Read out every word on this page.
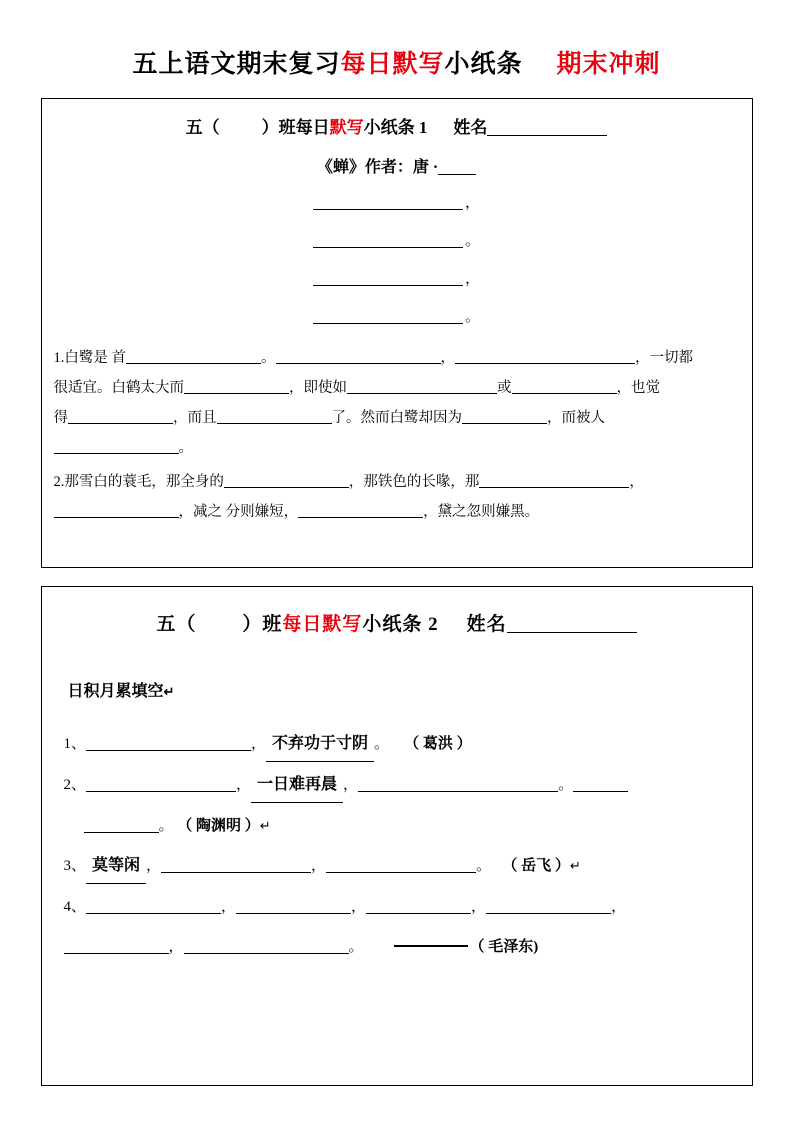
五上语文期末复习每日默写小纸条 期末冲刺
五（ ）班每日默写小纸条 1 姓名
《蝉》作者：唐 ·
，
。
，
。
1.白鹭是 首	。	，	，一切都
很适宜。白鹤太大而	，即使如	或	，也觉
得	，而且	了。然而白鹭却因为	，而被人
。
2.那雪白的蓑毛，那全身的	，那铁色的长喙，那	，
，减之 分则嫌短，	，黛之忽则嫌黑。
五（ ）班每日默写小纸条 2 姓名
日积月累填空↵
1、	， 不弃功于寸阴 。 （ 葛洪 ）
2、	， 一日难再晨 ，	。
。 （ 陶渊明 ）↵
3、 莫等闲 ，	，	。 （ 岳飞 ）↵
4、	，	，	，	，
，	。	（ 毛泽东)
